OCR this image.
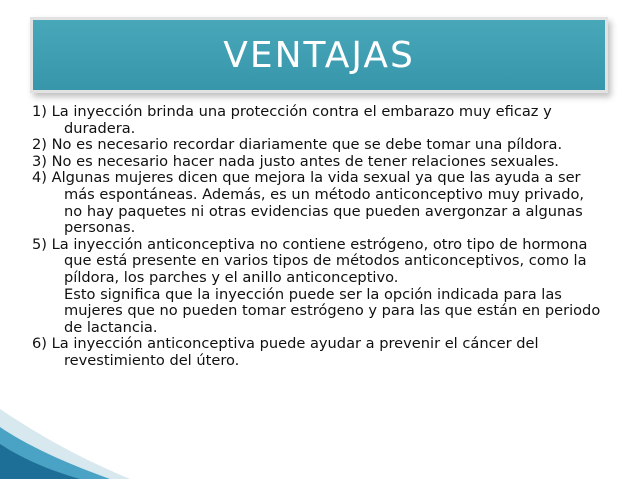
VENTAJAS

1) La inyección brinda una protección contra el embarazo muy eficaz y duradera.

2) No es necesario recordar diariamente que se debe tomar una píldora.

3) No es necesario hacer nada justo antes de tener relaciones sexuales.

4) Algunas mujeres dicen que mejora la vida sexual ya que las ayuda a ser más espontáneas. Además, es un método anticonceptivo muy privado, no hay paquetes ni otras evidencias que pueden avergonzar a algunas personas.

5) La inyección anticonceptiva no contiene estrógeno, otro tipo de hormona que está presente en varios tipos de métodos anticonceptivos, como la píldora, los parches y el anillo anticonceptivo.

Esto significa que la inyección puede ser la opción indicada para las mujeres que no pueden tomar estrógeno y para las que están en periodo de lactancia.

6) La inyección anticonceptiva puede ayudar a prevenir el cáncer del revestimiento del útero.
